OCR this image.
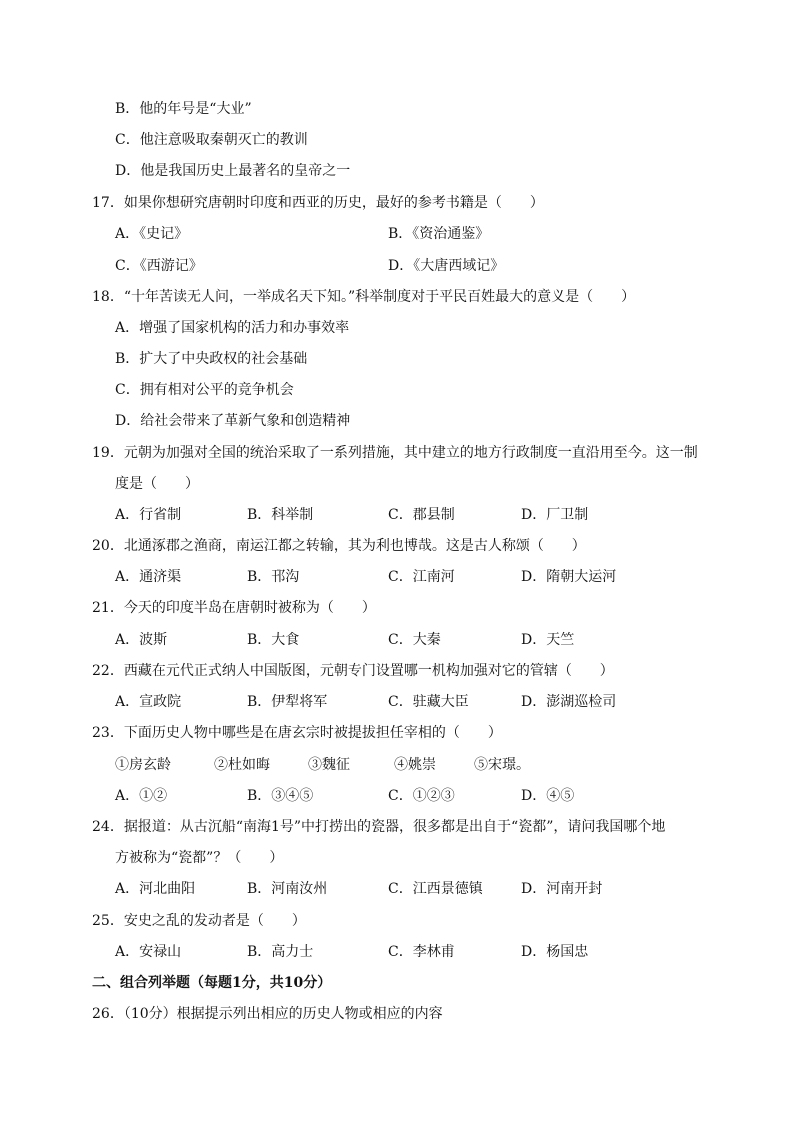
B．他的年号是“大业”
C．他注意吸取秦朝灭亡的教训
D．他是我国历史上最著名的皇帝之一
17．如果你想研究唐朝时印度和西亚的历史，最好的参考书籍是（　　）
A．《史记》	B．《资治通鉴》
C．《西游记》	D．《大唐西域记》
18．“十年苦读无人问，一举成名天下知。”科举制度对于平民百姓最大的意义是（　　）
A．增强了国家机构的活力和办事效率
B．扩大了中央政权的社会基础
C．拥有相对公平的竞争机会
D．给社会带来了革新气象和创造精神
19．元朝为加强对全国的统治采取了一系列措施，其中建立的地方行政制度一直沿用至今。这一制
度是（　　）
A．行省制	B．科举制	C．郡县制	D．厂卫制
20．北通涿郡之渔商，南运江都之转输，其为利也博哉。这是古人称颂（　　）
A．通济渠	B．邗沟	C．江南河	D．隋朝大运河
21．今天的印度半岛在唐朝时被称为（　　）
A．波斯	B．大食	C．大秦	D．天竺
22．西藏在元代正式纳人中国版图，元朝专门设置哪一机构加强对它的管辖（　　）
A．宣政院	B．伊犁将军	C．驻藏大臣	D．澎湖巡检司
23．下面历史人物中哪些是在唐玄宗时被提拔担任宰相的（　　）
①房玄龄	②杜如晦	③魏征	④姚崇	⑤宋璟。
A．①②	B．③④⑤	C．①②③	D．④⑤
24．据报道：从古沉船“南海1号”中打捞出的瓷器，很多都是出自于“瓷都”，请问我国哪个地
方被称为“瓷都”？（　　）
A．河北曲阳	B．河南汝州	C．江西景德镇	D．河南开封
25．安史之乱的发动者是（　　）
A．安禄山	B．高力士	C．李林甫	D．杨国忠
二、组合列举题（每题1分，共10分）
26．（10分）根据提示列出相应的历史人物或相应的内容
